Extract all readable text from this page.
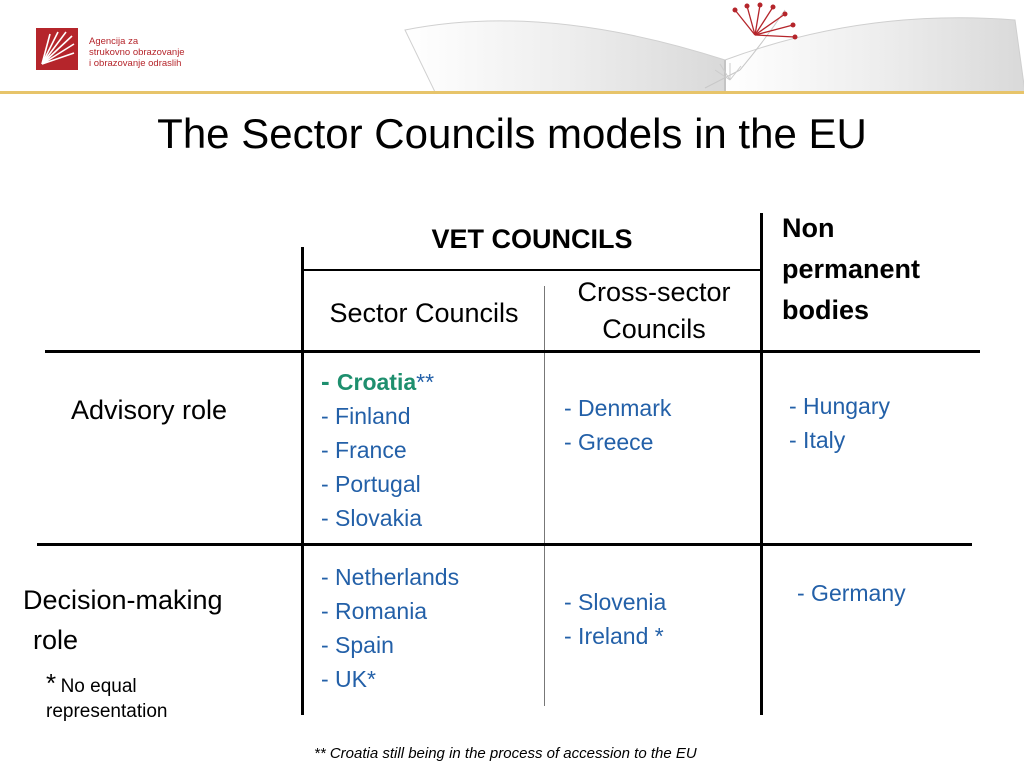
Agencija za
strukovno obrazovanje
i obrazovanje odraslih
The Sector Councils models in the EU
VET COUNCILS
Sector Councils
Cross-sector
Councils
Non
permanent
bodies
Advisory role
- Croatia**
- Finland
- France
- Portugal
- Slovakia
- Denmark
- Greece
- Hungary
- Italy
Decision-making
role
* No equal
representation
- Netherlands
- Romania
- Spain
- UK*
- Slovenia
- Ireland *
- Germany
** Croatia still being in the process of accession to the EU
